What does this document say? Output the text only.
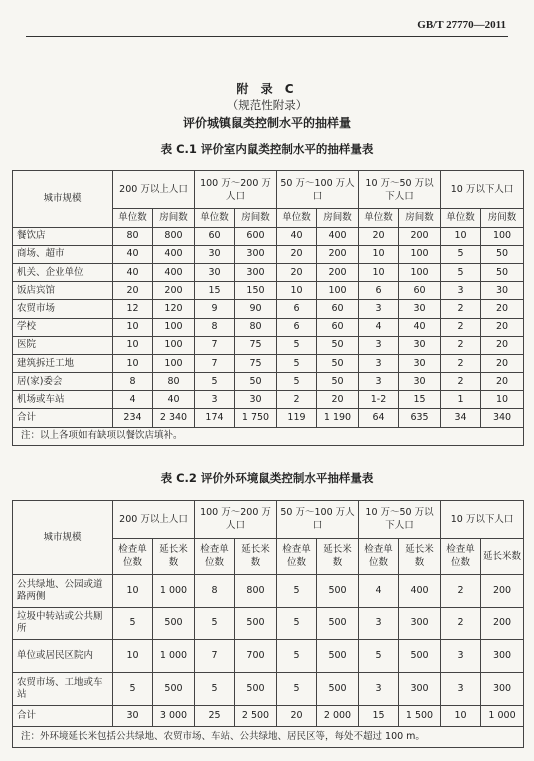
GB/T 27770—2011
附 录 C
（规范性附录）
评价城镇鼠类控制水平的抽样量
表 C.1 评价室内鼠类控制水平的抽样量表
城市规模	200 万以上人口		100 万～200 万人口		50 万～100 万人口		10 万～50 万以下人口		10 万以下人口	
	单位数	房间数	单位数	房间数	单位数	房间数	单位数	房间数	单位数	房间数
餐饮店	80	800	60	600	40	400	20	200	10	100
商场、超市	40	400	30	300	20	200	10	100	5	50
机关、企业单位	40	400	30	300	20	200	10	100	5	50
饭店宾馆	20	200	15	150	10	100	6	60	3	30
农贸市场	12	120	9	90	6	60	3	30	2	20
学校	10	100	8	80	6	60	4	40	2	20
医院	10	100	7	75	5	50	3	30	2	20
建筑拆迁工地	10	100	7	75	5	50	3	30	2	20
居(家)委会	8	80	5	50	5	50	3	30	2	20
机场或车站	4	40	3	30	2	20	1-2	15	1	10
合计	234	2 340	174	1 750	119	1 190	64	635	34	340
注：以上各项如有缺项以餐饮店填补。										
表 C.2 评价外环境鼠类控制水平抽样量表
城市规模	200 万以上人口		100 万～200 万人口		50 万～100 万人口		10 万～50 万以下人口		10 万以下人口	
	检查单位数	延长米数	检查单位数	延长米数	检查单位数	延长米数	检查单位数	延长米数	检查单位数	延长米数
公共绿地、公园或道路两侧	10	1 000	8	800	5	500	4	400	2	200
垃圾中转站或公共厕所	5	500	5	500	5	500	3	300	2	200
单位或居民区院内	10	1 000	7	700	5	500	5	500	3	300
农贸市场、工地或车站	5	500	5	500	5	500	3	300	3	300
合计	30	3 000	25	2 500	20	2 000	15	1 500	10	1 000
注：外环境延长米包括公共绿地、农贸市场、车站、公共绿地、居民区等，每处不超过 100 m。										
